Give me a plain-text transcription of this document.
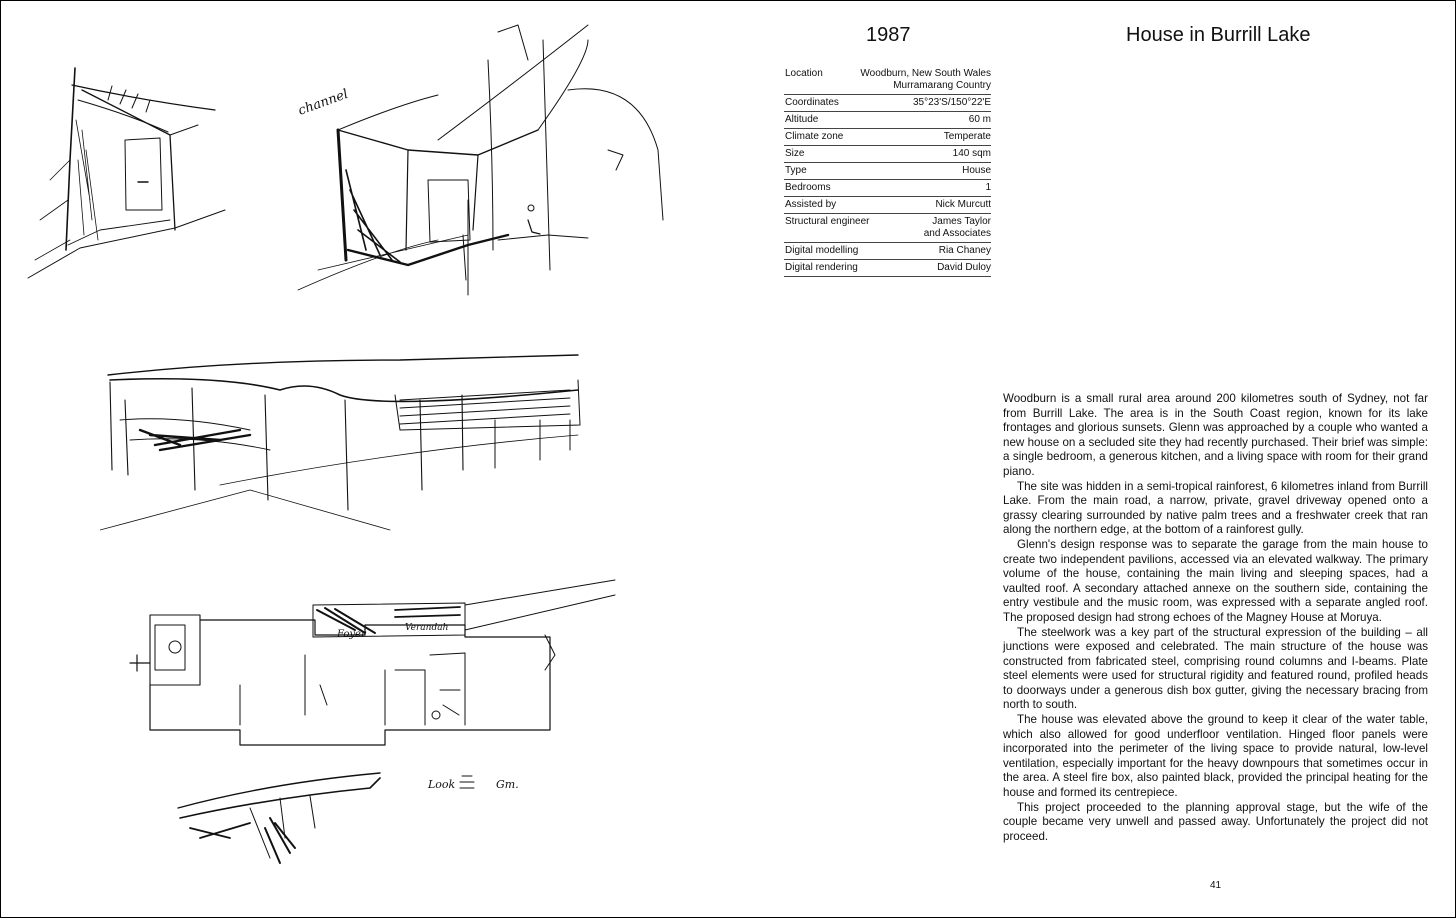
channel
Foyer
Verandah
Look	Gm.
1987	House in Burrill Lake
Location	Woodburn, New South Wales
Murramarang Country
Coordinates	35°23'S/150°22'E
Altitude	60 m
Climate zone	Temperate
Size	140 sqm
Type	House
Bedrooms	1
Assisted by	Nick Murcutt
Structural engineer	James Taylor
and Associates
Digital modelling	Ria Chaney
Digital rendering	David Duloy

Woodburn is a small rural area around 200 kilometres south of Sydney, not far from Burrill Lake. The area is in the South Coast region, known for its lake frontages and glorious sunsets. Glenn was approached by a couple who wanted a new house on a secluded site they had recently purchased. Their brief was simple: a single bedroom, a generous kitchen, and a living space with room for their grand piano.

The site was hidden in a semi-tropical rainforest, 6 kilometres inland from Burrill Lake. From the main road, a narrow, private, gravel driveway opened onto a grassy clearing surrounded by native palm trees and a freshwater creek that ran along the northern edge, at the bottom of a rainforest gully.

Glenn's design response was to separate the garage from the main house to create two independent pavilions, accessed via an elevated walkway. The primary volume of the house, containing the main living and sleeping spaces, had a vaulted roof. A secondary attached annexe on the southern side, containing the entry vestibule and the music room, was expressed with a separate angled roof. The proposed design had strong echoes of the Magney House at Moruya.

The steelwork was a key part of the structural expression of the building – all junctions were exposed and celebrated. The main structure of the house was constructed from fabricated steel, comprising round columns and I-beams. Plate steel elements were used for structural rigidity and featured round, profiled heads to doorways under a generous dish box gutter, giving the necessary bracing from north to south.

The house was elevated above the ground to keep it clear of the water table, which also allowed for good underfloor ventilation. Hinged floor panels were incorporated into the perimeter of the living space to provide natural, low-level ventilation, especially important for the heavy downpours that sometimes occur in the area. A steel fire box, also painted black, provided the principal heating for the house and formed its centrepiece.

This project proceeded to the planning approval stage, but the wife of the couple became very unwell and passed away. Unfortunately the project did not proceed.

41
